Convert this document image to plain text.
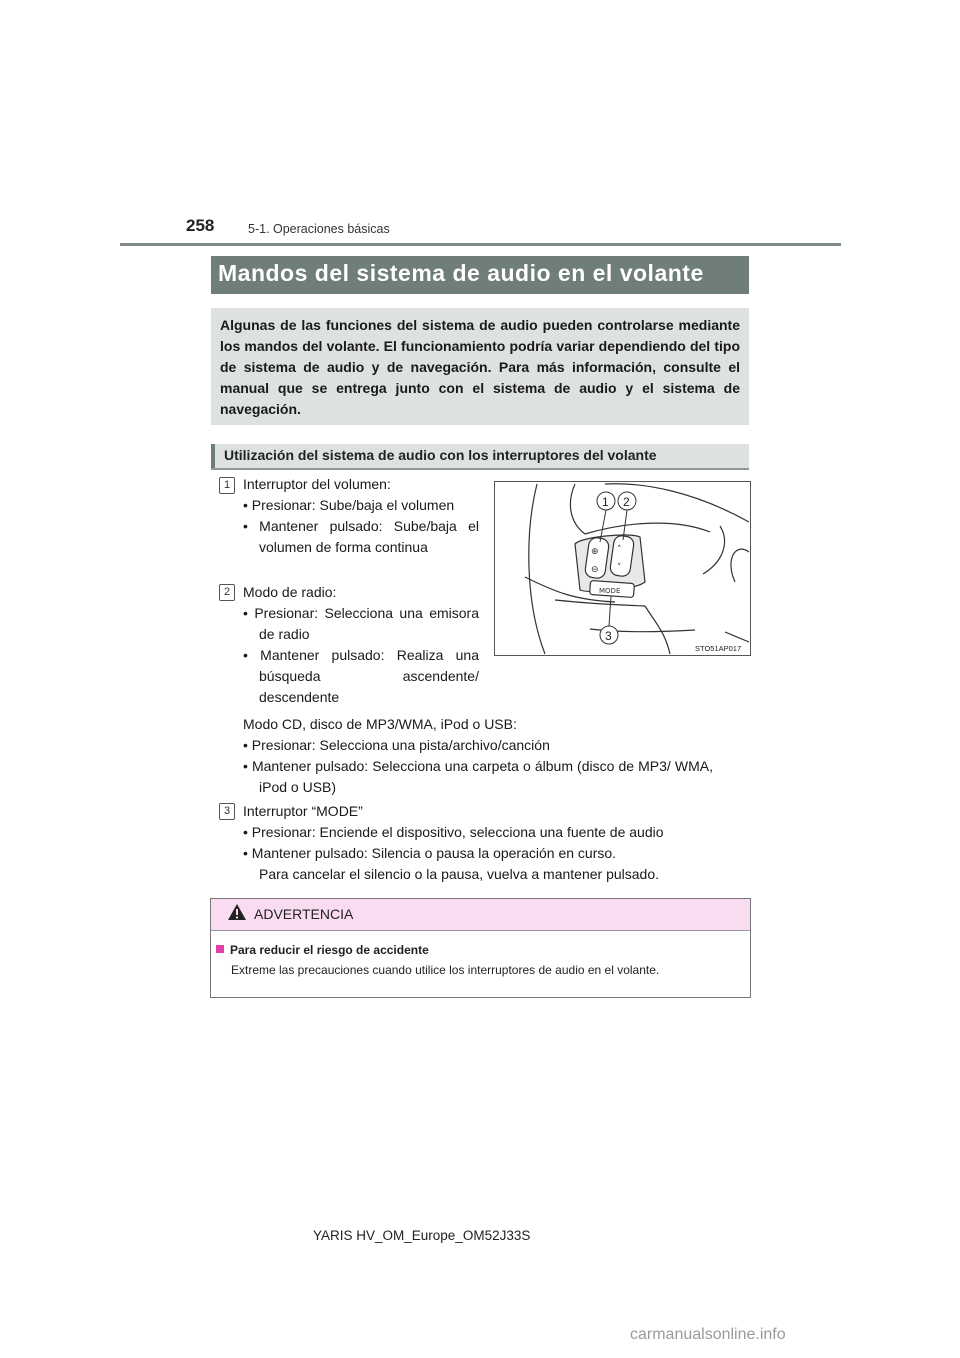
258	5-1. Operaciones básicas
Mandos del sistema de audio en el volante
Algunas de las funciones del sistema de audio pueden controlarse mediante los mandos del volante. El funcionamiento podría variar dependiendo del tipo de sistema de audio y de navegación. Para más información, consulte el manual que se entrega junto con el sistema de audio y el sistema de navegación.
Utilización del sistema de audio con los interruptores del volante
1 Interruptor del volumen:
• Presionar: Sube/baja el volumen
• Mantener pulsado: Sube/baja el volumen de forma continua
2 Modo de radio:
• Presionar: Selecciona una emisora de radio
• Mantener pulsado: Realiza una búsqueda ascendente/ descendente
Modo CD, disco de MP3/WMA, iPod o USB:
• Presionar: Selecciona una pista/archivo/canción
• Mantener pulsado: Selecciona una carpeta o álbum (disco de MP3/ WMA, iPod o USB)
3 Interruptor “MODE”
• Presionar: Enciende el dispositivo, selecciona una fuente de audio
• Mantener pulsado: Silencia o pausa la operación en curso.
Para cancelar el silencio o la pausa, vuelva a mantener pulsado.
⊕
⊖
˄
˅
MODE
1 2
3
STO51AP017
ADVERTENCIA
Para reducir el riesgo de accidente
Extreme las precauciones cuando utilice los interruptores de audio en el volante.
YARIS HV_OM_Europe_OM52J33S
carmanualsonline.info
